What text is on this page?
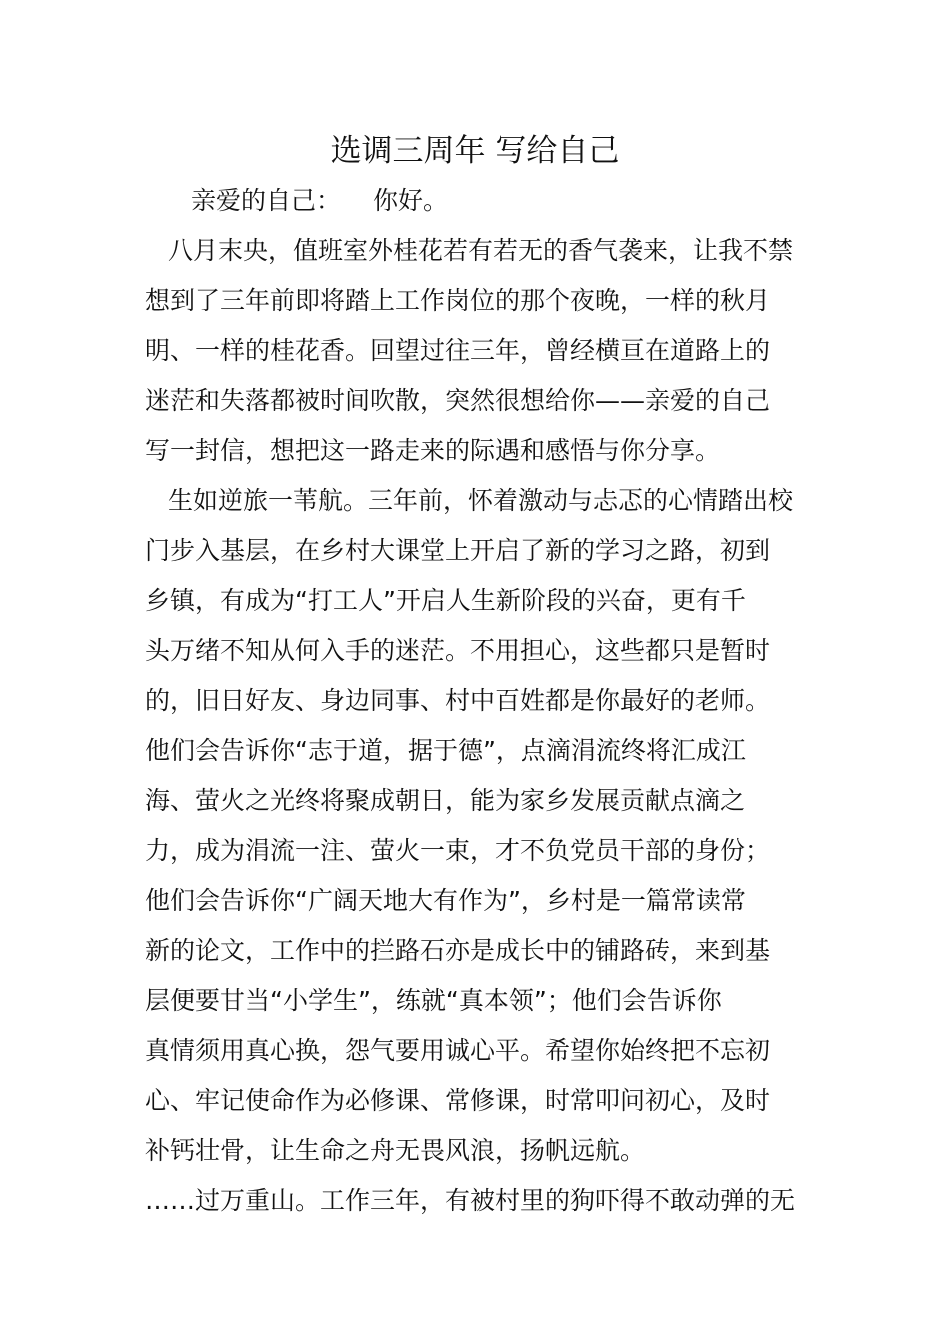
选调三周年 写给自己
亲爱的自己： 你好。
八月末央，值班室外桂花若有若无的香气袭来，让我不禁
想到了三年前即将踏上工作岗位的那个夜晚，一样的秋月
明、一样的桂花香。回望过往三年，曾经横亘在道路上的
迷茫和失落都被时间吹散，突然很想给你——亲爱的自己
写一封信，想把这一路走来的际遇和感悟与你分享。
生如逆旅一苇航。三年前，怀着激动与忐忑的心情踏出校
门步入基层，在乡村大课堂上开启了新的学习之路，初到
乡镇，有成为“打工人”开启人生新阶段的兴奋，更有千
头万绪不知从何入手的迷茫。不用担心，这些都只是暂时
的，旧日好友、身边同事、村中百姓都是你最好的老师。
他们会告诉你“志于道，据于德”，点滴涓流终将汇成江
海、萤火之光终将聚成朝日，能为家乡发展贡献点滴之
力，成为涓流一注、萤火一束，才不负党员干部的身份；
他们会告诉你“广阔天地大有作为”，乡村是一篇常读常
新的论文，工作中的拦路石亦是成长中的铺路砖，来到基
层便要甘当“小学生”，练就“真本领”；他们会告诉你
真情须用真心换，怨气要用诚心平。希望你始终把不忘初
心、牢记使命作为必修课、常修课，时常叩问初心，及时
补钙壮骨，让生命之舟无畏风浪，扬帆远航。
……过万重山。工作三年，有被村里的狗吓得不敢动弹的无
